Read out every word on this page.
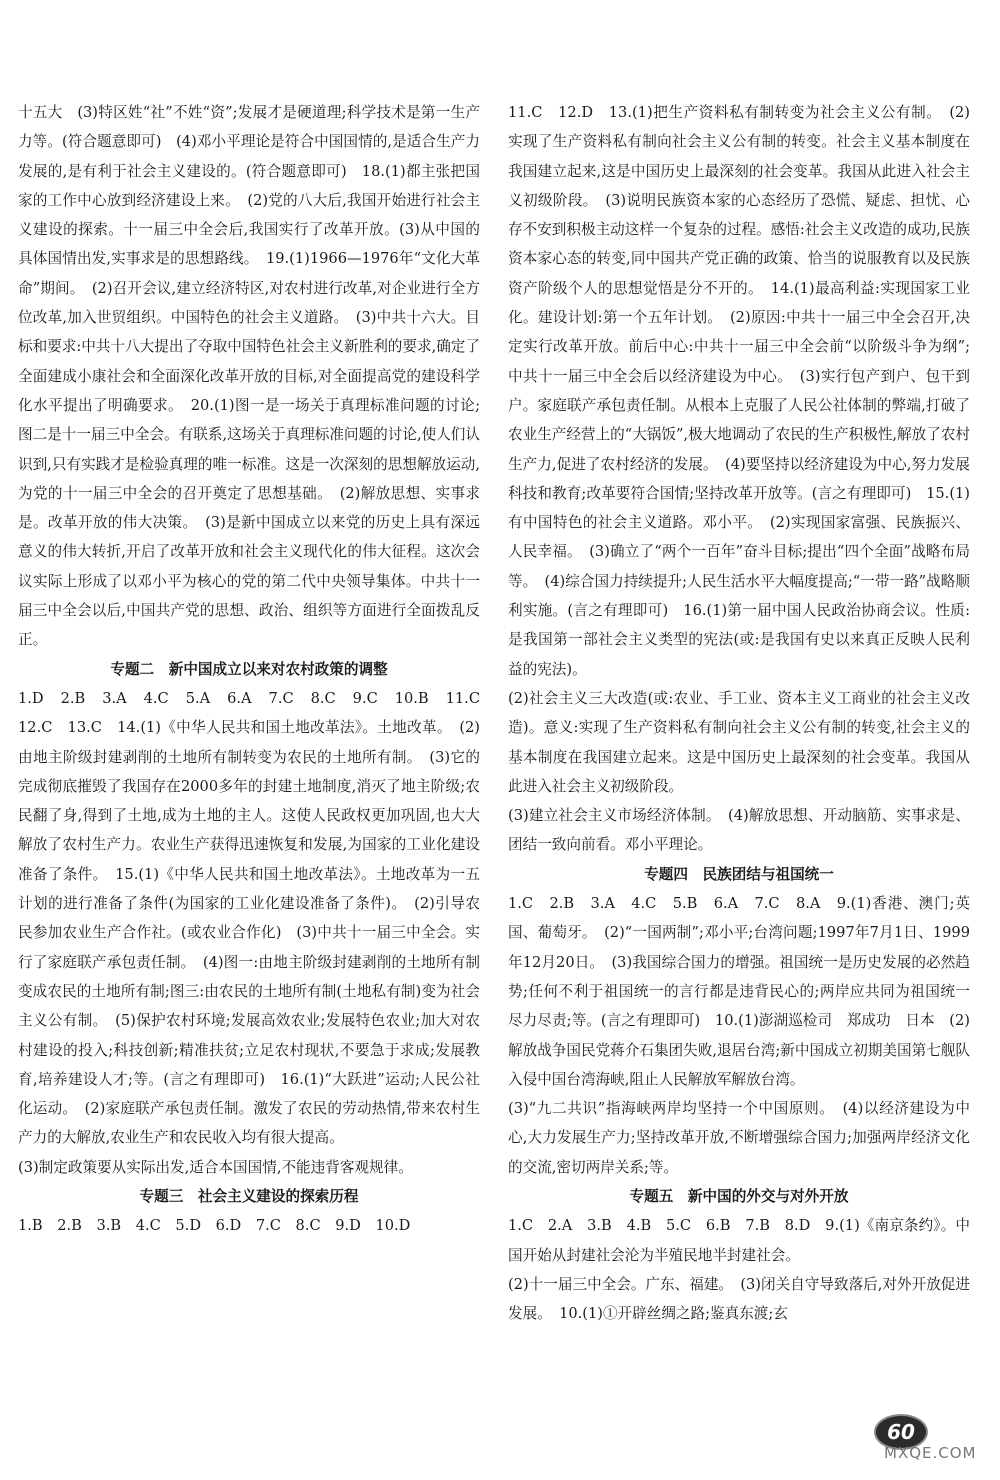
十五大　(3)特区姓“社”不姓“资”;发展才是硬道理;科学技术是第一生产力等。(符合题意即可)　(4)邓小平理论是符合中国国情的,是适合生产力发展的,是有利于社会主义建设的。(符合题意即可)　18.(1)都主张把国家的工作中心放到经济建设上来。　(2)党的八大后,我国开始进行社会主义建设的探索。十一届三中全会后,我国实行了改革开放。(3)从中国的具体国情出发,实事求是的思想路线。　19.(1)1966—1976年“文化大革命”期间。　(2)召开会议,建立经济特区,对农村进行改革,对企业进行全方位改革,加入世贸组织。中国特色的社会主义道路。　(3)中共十六大。目标和要求:中共十八大提出了夺取中国特色社会主义新胜利的要求,确定了全面建成小康社会和全面深化改革开放的目标,对全面提高党的建设科学化水平提出了明确要求。　20.(1)图一是一场关于真理标准问题的讨论;图二是十一届三中全会。有联系,这场关于真理标准问题的讨论,使人们认识到,只有实践才是检验真理的唯一标准。这是一次深刻的思想解放运动,为党的十一届三中全会的召开奠定了思想基础。　(2)解放思想、实事求是。改革开放的伟大决策。　(3)是新中国成立以来党的历史上具有深远意义的伟大转折,开启了改革开放和社会主义现代化的伟大征程。这次会议实际上形成了以邓小平为核心的党的第二代中央领导集体。中共十一届三中全会以后,中国共产党的思想、政治、组织等方面进行全面拨乱反正。

专题二　新中国成立以来对农村政策的调整

1.D　2.B　3.A　4.C　5.A　6.A　7.C　8.C　9.C　10.B　11.C　12.C　13.C　14.(1)《中华人民共和国土地改革法》。土地改革。　(2)由地主阶级封建剥削的土地所有制转变为农民的土地所有制。　(3)它的完成彻底摧毁了我国存在2000多年的封建土地制度,消灭了地主阶级;农民翻了身,得到了土地,成为土地的主人。这使人民政权更加巩固,也大大解放了农村生产力。农业生产获得迅速恢复和发展,为国家的工业化建设准备了条件。　15.(1)《中华人民共和国土地改革法》。土地改革为一五计划的进行准备了条件(为国家的工业化建设准备了条件)。　(2)引导农民参加农业生产合作社。(或农业合作化)　(3)中共十一届三中全会。实行了家庭联产承包责任制。　(4)图一:由地主阶级封建剥削的土地所有制变成农民的土地所有制;图三:由农民的土地所有制(土地私有制)变为社会主义公有制。　(5)保护农村环境;发展高效农业;发展特色农业;加大对农村建设的投入;科技创新;精准扶贫;立足农村现状,不要急于求成;发展教育,培养建设人才;等。(言之有理即可)　16.(1)“大跃进”运动;人民公社化运动。　(2)家庭联产承包责任制。激发了农民的劳动热情,带来农村生产力的大解放,农业生产和农民收入均有很大提高。

(3)制定政策要从实际出发,适合本国国情,不能违背客观规律。

专题三　社会主义建设的探索历程

1.B　2.B　3.B　4.C　5.D　6.D　7.C　8.C　9.D　10.D

11.C　12.D　13.(1)把生产资料私有制转变为社会主义公有制。　(2)实现了生产资料私有制向社会主义公有制的转变。社会主义基本制度在我国建立起来,这是中国历史上最深刻的社会变革。我国从此进入社会主义初级阶段。　(3)说明民族资本家的心态经历了恐慌、疑虑、担忧、心存不安到积极主动这样一个复杂的过程。感悟:社会主义改造的成功,民族资本家心态的转变,同中国共产党正确的政策、恰当的说服教育以及民族资产阶级个人的思想觉悟是分不开的。　14.(1)最高利益:实现国家工业化。建设计划:第一个五年计划。　(2)原因:中共十一届三中全会召开,决定实行改革开放。前后中心:中共十一届三中全会前“以阶级斗争为纲”;中共十一届三中全会后以经济建设为中心。　(3)实行包产到户、包干到户。家庭联产承包责任制。从根本上克服了人民公社体制的弊端,打破了农业生产经营上的“大锅饭”,极大地调动了农民的生产积极性,解放了农村生产力,促进了农村经济的发展。　(4)要坚持以经济建设为中心,努力发展科技和教育;改革要符合国情;坚持改革开放等。(言之有理即可)　15.(1)有中国特色的社会主义道路。邓小平。　(2)实现国家富强、民族振兴、人民幸福。　(3)确立了“两个一百年”奋斗目标;提出“四个全面”战略布局等。　(4)综合国力持续提升;人民生活水平大幅度提高;“一带一路”战略顺利实施。(言之有理即可)　16.(1)第一届中国人民政治协商会议。性质:是我国第一部社会主义类型的宪法(或:是我国有史以来真正反映人民利益的宪法)。

(2)社会主义三大改造(或:农业、手工业、资本主义工商业的社会主义改造)。意义:实现了生产资料私有制向社会主义公有制的转变,社会主义的基本制度在我国建立起来。这是中国历史上最深刻的社会变革。我国从此进入社会主义初级阶段。

(3)建立社会主义市场经济体制。　(4)解放思想、开动脑筋、实事求是、团结一致向前看。邓小平理论。

专题四　民族团结与祖国统一

1.C　2.B　3.A　4.C　5.B　6.A　7.C　8.A　9.(1)香港、澳门;英国、葡萄牙。　(2)“一国两制”;邓小平;台湾问题;1997年7月1日、1999年12月20日。　(3)我国综合国力的增强。祖国统一是历史发展的必然趋势;任何不利于祖国统一的言行都是违背民心的;两岸应共同为祖国统一尽力尽责;等。(言之有理即可)　10.(1)澎湖巡检司　郑成功　日本　(2)解放战争国民党蒋介石集团失败,退居台湾;新中国成立初期美国第七舰队入侵中国台湾海峡,阻止人民解放军解放台湾。

(3)“九二共识”指海峡两岸均坚持一个中国原则。　(4)以经济建设为中心,大力发展生产力;坚持改革开放,不断增强综合国力;加强两岸经济文化的交流,密切两岸关系;等。

专题五　新中国的外交与对外开放

1.C　2.A　3.B　4.B　5.C　6.B　7.B　8.D　9.(1)《南京条约》。中国开始从封建社会沦为半殖民地半封建社会。

(2)十一届三中全会。广东、福建。　(3)闭关自守导致落后,对外开放促进发展。　10.(1)①开辟丝绸之路;鉴真东渡;玄

60
MXQE.COM
